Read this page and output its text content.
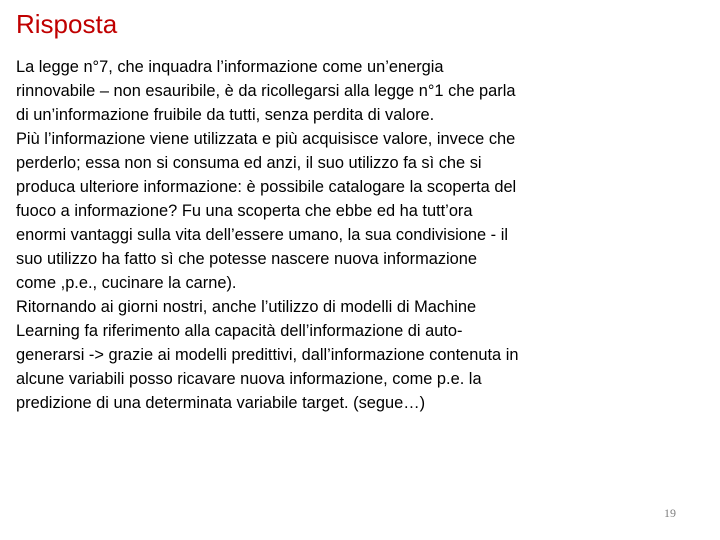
Risposta
La legge n°7, che inquadra l’informazione come un’energia
rinnovabile – non esauribile, è da ricollegarsi alla legge n°1 che parla
di un’informazione fruibile da tutti, senza perdita di valore.
Più l’informazione viene utilizzata e più acquisisce valore, invece che
perderlo; essa non si consuma ed anzi, il suo utilizzo fa sì che si
produca ulteriore informazione: è possibile catalogare la scoperta del
fuoco a informazione? Fu una scoperta che ebbe ed ha tutt’ora
enormi vantaggi sulla vita dell’essere umano, la sua condivisione - il
suo utilizzo ha fatto sì che potesse nascere nuova informazione
come ,p.e., cucinare la carne).
Ritornando ai giorni nostri, anche l’utilizzo di modelli di Machine
Learning fa riferimento alla capacità dell’informazione di auto-
generarsi -> grazie ai modelli predittivi, dall’informazione contenuta in
alcune variabili posso ricavare nuova informazione, come p.e. la
predizione di una determinata variabile target. (segue…)
19
